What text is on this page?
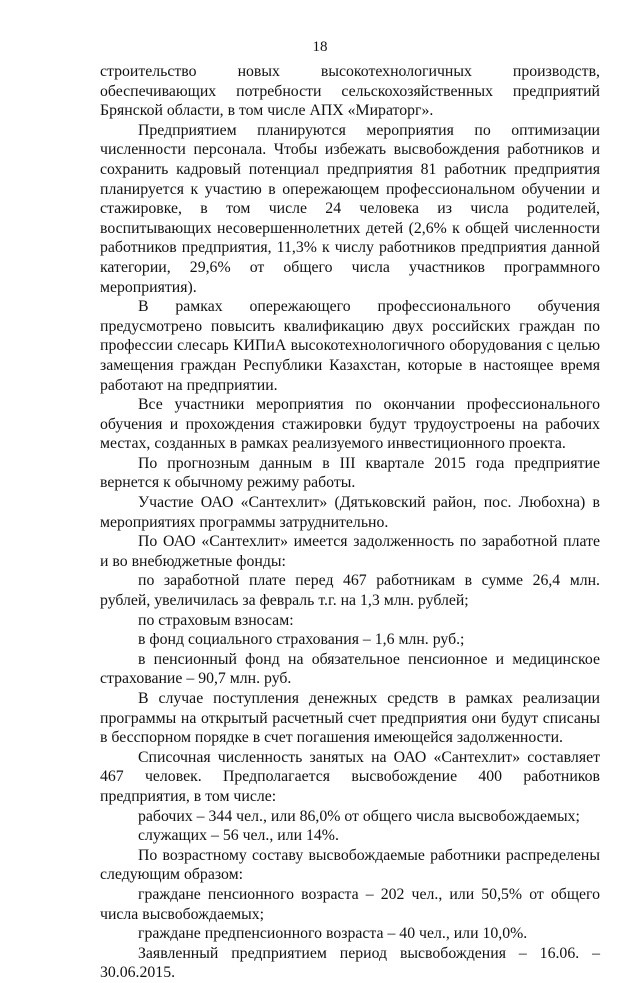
18

строительство новых высокотехнологичных производств, обеспечивающих потребности сельскохозяйственных предприятий Брянской области, в том числе АПХ «Мираторг».

Предприятием планируются мероприятия по оптимизации численности персонала. Чтобы избежать высвобождения работников и сохранить кадровый потенциал предприятия 81 работник предприятия планируется к участию в опережающем профессиональном обучении и стажировке, в том числе 24 человека из числа родителей, воспитывающих несовершеннолетних детей (2,6% к общей численности работников предприятия, 11,3% к числу работников предприятия данной категории, 29,6% от общего числа участников программного мероприятия).

В рамках опережающего профессионального обучения предусмотрено повысить квалификацию двух российских граждан по профессии слесарь КИПиА высокотехнологичного оборудования с целью замещения граждан Республики Казахстан, которые в настоящее время работают на предприятии.

Все участники мероприятия по окончании профессионального обучения и прохождения стажировки будут трудоустроены на рабочих местах, созданных в рамках реализуемого инвестиционного проекта.

По прогнозным данным в III квартале 2015 года предприятие вернется к обычному режиму работы.

Участие ОАО «Сантехлит» (Дятьковский район, пос. Любохна) в мероприятиях программы затруднительно.

По ОАО «Сантехлит» имеется задолженность по заработной плате и во внебюджетные фонды:

по заработной плате перед 467 работникам в сумме 26,4 млн. рублей, увеличилась за февраль т.г. на 1,3 млн. рублей;

по страховым взносам:

в фонд социального страхования – 1,6 млн. руб.;

в пенсионный фонд на обязательное пенсионное и медицинское страхование – 90,7 млн. руб.

В случае поступления денежных средств в рамках реализации программы на открытый расчетный счет предприятия они будут списаны в бесспорном порядке в счет погашения имеющейся задолженности.

Списочная численность занятых на ОАО «Сантехлит» составляет 467 человек. Предполагается высвобождение 400 работников предприятия, в том числе:

рабочих – 344 чел., или 86,0% от общего числа высвобождаемых;

служащих – 56 чел., или 14%.

По возрастному составу высвобождаемые работники распределены следующим образом:

граждане пенсионного возраста – 202 чел., или 50,5% от общего числа высвобождаемых;

граждане предпенсионного возраста – 40 чел., или 10,0%.

Заявленный предприятием период высвобождения – 16.06. – 30.06.2015.
